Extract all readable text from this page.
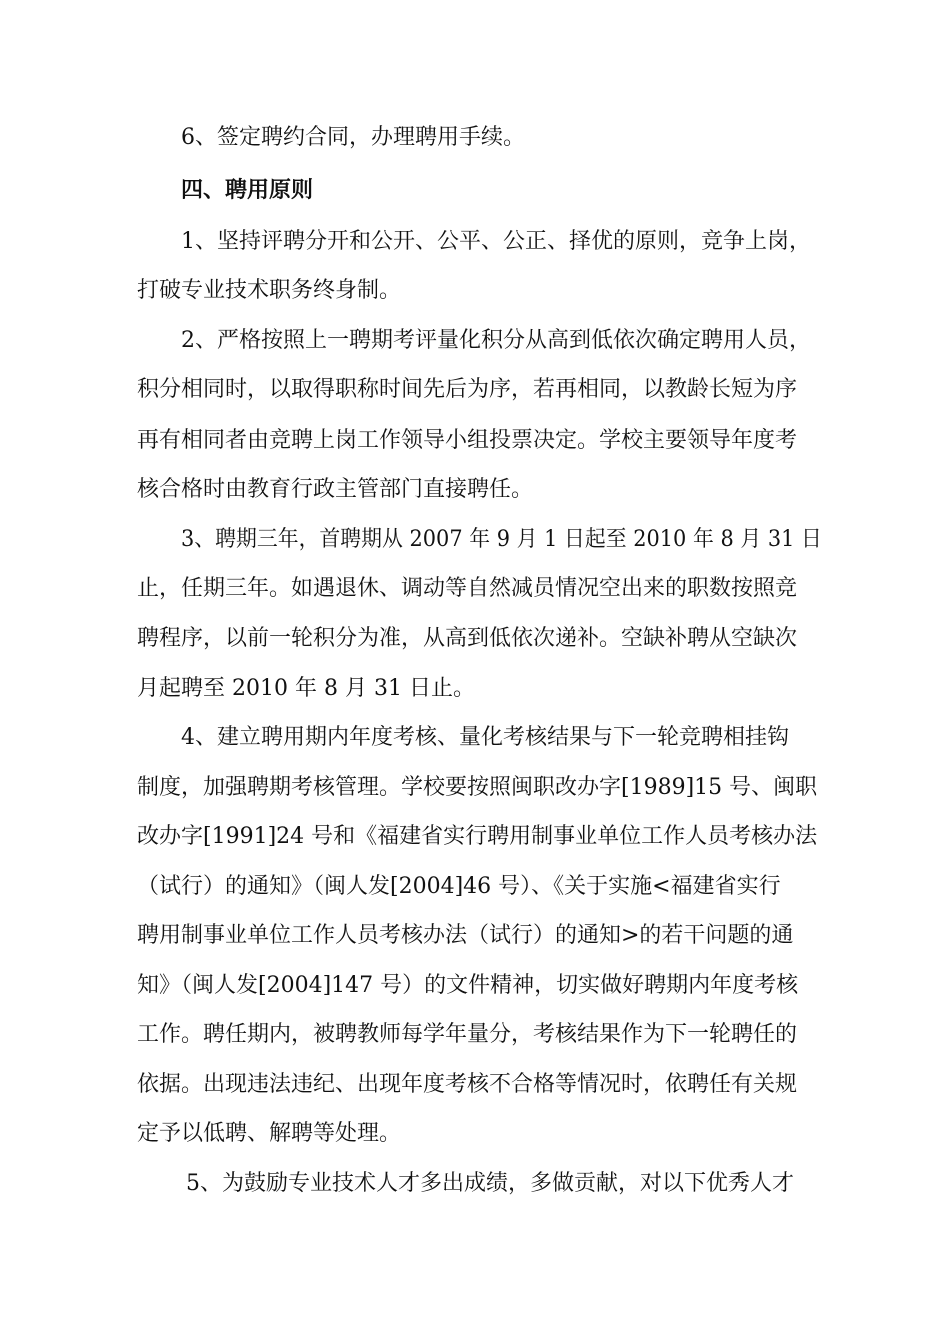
6、签定聘约合同，办理聘用手续。
四、聘用原则
1、坚持评聘分开和公开、公平、公正、择优的原则，竞争上岗，
打破专业技术职务终身制。
2、严格按照上一聘期考评量化积分从高到低依次确定聘用人员，
积分相同时，以取得职称时间先后为序，若再相同，以教龄长短为序
再有相同者由竞聘上岗工作领导小组投票决定。学校主要领导年度考
核合格时由教育行政主管部门直接聘任。
3、聘期三年，首聘期从 2007 年 9 月 1 日起至 2010 年 8 月 31 日
止，任期三年。如遇退休、调动等自然减员情况空出来的职数按照竞
聘程序，以前一轮积分为准，从高到低依次递补。空缺补聘从空缺次
月起聘至 2010 年 8 月 31 日止。
4、建立聘用期内年度考核、量化考核结果与下一轮竞聘相挂钩
制度，加强聘期考核管理。学校要按照闽职改办字[1989]15 号、闽职
改办字[1991]24 号和《福建省实行聘用制事业单位工作人员考核办法
（试行）的通知》（闽人发[2004]46 号）、《关于实施<福建省实行
聘用制事业单位工作人员考核办法（试行）的通知>的若干问题的通
知》（闽人发[2004]147 号）的文件精神，切实做好聘期内年度考核
工作。聘任期内，被聘教师每学年量分，考核结果作为下一轮聘任的
依据。出现违法违纪、出现年度考核不合格等情况时，依聘任有关规
定予以低聘、解聘等处理。
5、为鼓励专业技术人才多出成绩，多做贡献，对以下优秀人才
